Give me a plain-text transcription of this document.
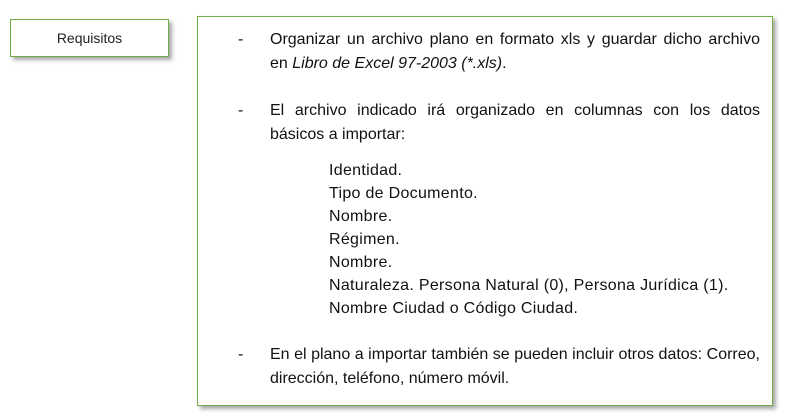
Requisitos	- Organizar un archivo plano en formato xls y guardar dicho archivo en Libro de Excel 97-2003 (*.xls).
- El archivo indicado irá organizado en columnas con los datos básicos a importar:
Identidad.
Tipo de Documento.
Nombre.
Régimen.
Nombre.
Naturaleza. Persona Natural (0), Persona Jurídica (1).
Nombre Ciudad o Código Ciudad.
- En el plano a importar también se pueden incluir otros datos: Correo, dirección, teléfono, número móvil.
